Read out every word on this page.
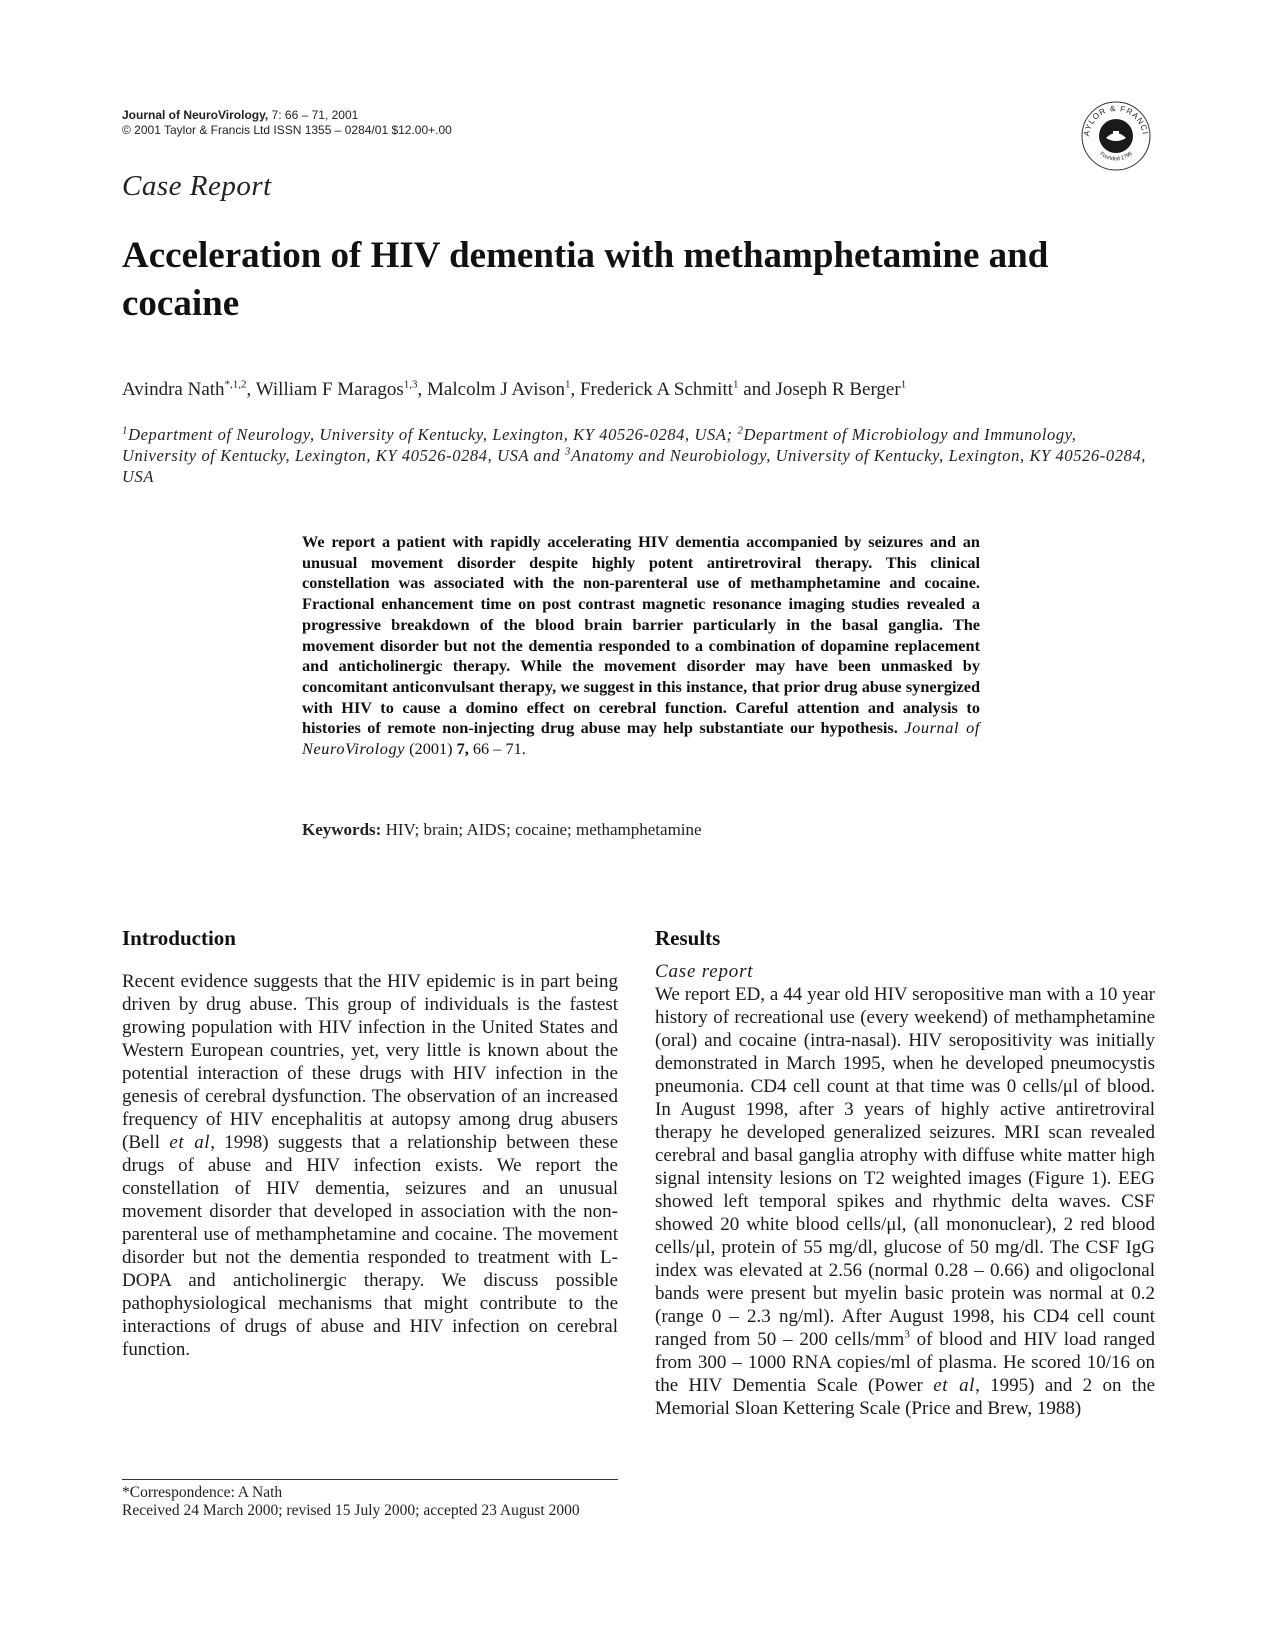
Journal of NeuroVirology, 7: 66 – 71, 2001
© 2001 Taylor & Francis Ltd ISSN 1355 – 0284/01 $12.00+.00	AYLOR & FRANCI
Founded 1798
Case Report
Acceleration of HIV dementia with methamphetamine and cocaine
Avindra Nath$^{*,1,2}$, William F Maragos$^{1,3}$, Malcolm J Avison$^1$, Frederick A Schmitt$^1$ and Joseph R Berger$^1$
$^1$Department of Neurology, University of Kentucky, Lexington, KY 40526-0284, USA; $^2$Department of Microbiology and Immunology, University of Kentucky, Lexington, KY 40526-0284, USA and $^3$Anatomy and Neurobiology, University of Kentucky, Lexington, KY 40526-0284, USA
We report a patient with rapidly accelerating HIV dementia accompanied by seizures and an unusual movement disorder despite highly potent antiretroviral therapy. This clinical constellation was associated with the non-parenteral use of methamphetamine and cocaine. Fractional enhancement time on post contrast magnetic resonance imaging studies revealed a progressive breakdown of the blood brain barrier particularly in the basal ganglia. The movement disorder but not the dementia responded to a combination of dopamine replacement and anticholinergic therapy. While the movement disorder may have been unmasked by concomitant anticonvulsant therapy, we suggest in this instance, that prior drug abuse synergized with HIV to cause a domino effect on cerebral function. Careful attention and analysis to histories of remote non-injecting drug abuse may help substantiate our hypothesis. Journal of NeuroVirology (2001) 7, 66 – 71.
Keywords: HIV; brain; AIDS; cocaine; methamphetamine
Introduction	Results
Recent evidence suggests that the HIV epidemic is in part being driven by drug abuse. This group of individuals is the fastest growing population with HIV infection in the United States and Western European countries, yet, very little is known about the potential interaction of these drugs with HIV infection in the genesis of cerebral dysfunction. The observation of an increased frequency of HIV encephalitis at autopsy among drug abusers (Bell et al, 1998) suggests that a relationship between these drugs of abuse and HIV infection exists. We report the constellation of HIV dementia, seizures and an unusual movement disorder that developed in association with the non-parenteral use of methamphetamine and cocaine. The movement disorder but not the dementia responded to treatment with L-DOPA and anticholinergic therapy. We discuss possible pathophysiological mechanisms that might contribute to the interactions of drugs of abuse and HIV infection on cerebral function.
Case report
We report ED, a 44 year old HIV seropositive man with a 10 year history of recreational use (every weekend) of methamphetamine (oral) and cocaine (intra-nasal). HIV seropositivity was initially demonstrated in March 1995, when he developed pneumocystis pneumonia. CD4 cell count at that time was 0 cells/μl of blood. In August 1998, after 3 years of highly active antiretroviral therapy he developed generalized seizures. MRI scan revealed cerebral and basal ganglia atrophy with diffuse white matter high signal intensity lesions on T2 weighted images (Figure 1). EEG showed left temporal spikes and rhythmic delta waves. CSF showed 20 white blood cells/μl, (all mononuclear), 2 red blood cells/μl, protein of 55 mg/dl, glucose of 50 mg/dl. The CSF IgG index was elevated at 2.56 (normal 0.28 – 0.66) and oligoclonal bands were present but myelin basic protein was normal at 0.2 (range 0 – 2.3 ng/ml). After August 1998, his CD4 cell count ranged from 50 – 200 cells/$mm^3$ of blood and HIV load ranged from 300 – 1000 RNA copies/ml of plasma. He scored 10/16 on the HIV Dementia Scale (Power et al, 1995) and 2 on the Memorial Sloan Kettering Scale (Price and Brew, 1988)
*Correspondence: A Nath
Received 24 March 2000; revised 15 July 2000; accepted 23 August 2000
